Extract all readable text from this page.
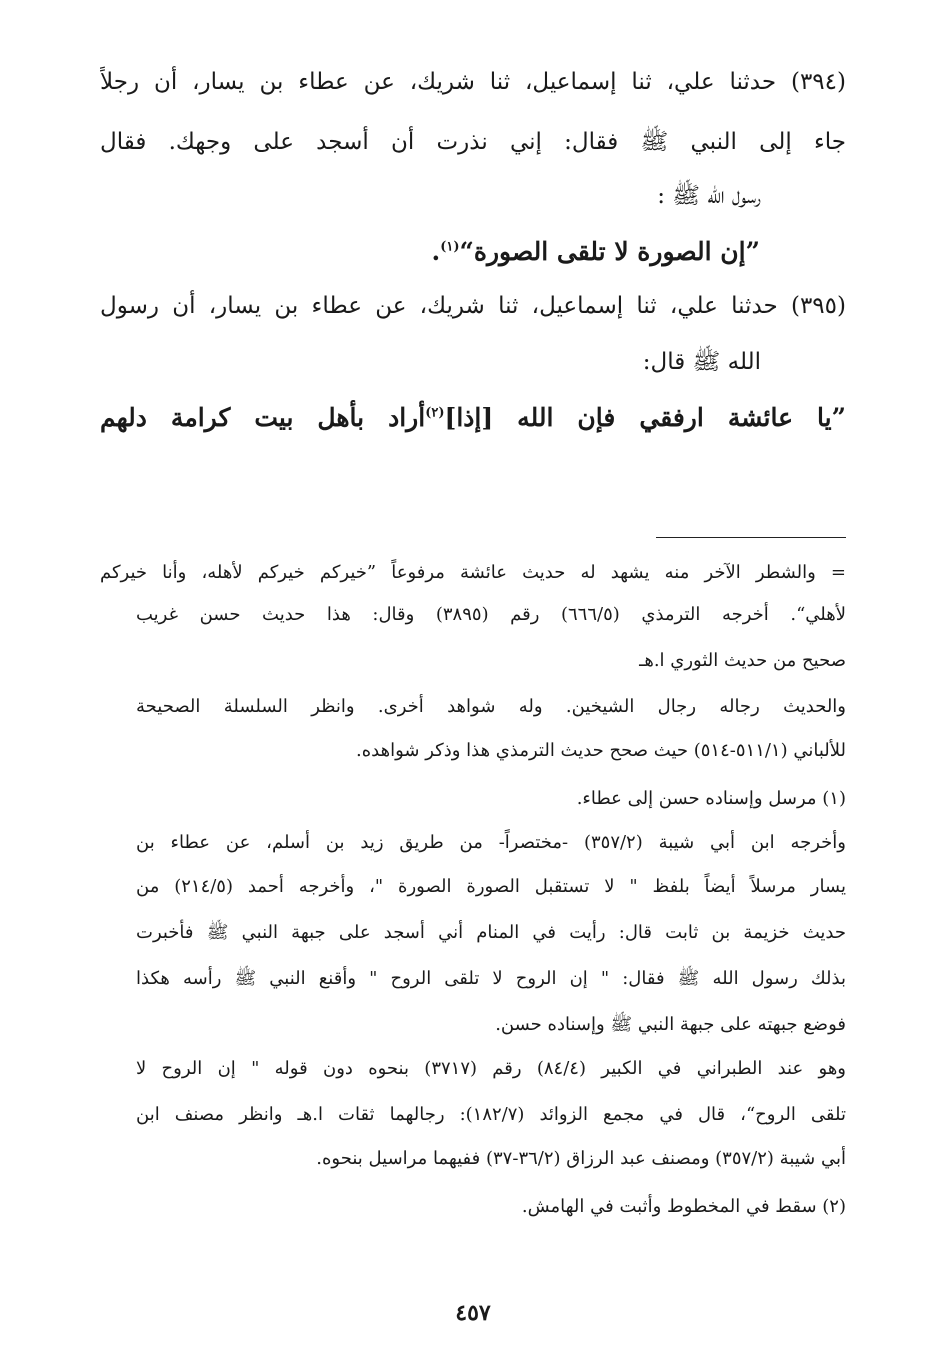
(٣٩٤) حدثنا علي، ثنا إسماعيل، ثنا شريك، عن عطاء بن يسار، أن رجلاً
جاء إلى النبي ﷺ فقال: إني نذرت أن أسجد على وجهك. فقال
رسول الله ﷺ :
”إن الصورة لا تلقى الصورة“$^{(١)}$.
(٣٩٥) حدثنا علي، ثنا إسماعيل، ثنا شريك، عن عطاء بن يسار، أن رسول
الله ﷺ قال:
”يا عائشة ارفقي فإن الله [إذا]$^{(٢)}$أراد بأهل بيت كرامة دلهم
= والشطر الآخر منه يشهد له حديث عائشة مرفوعاً ”خيركم خيركم لأهله، وأنا خيركم
لأهلي“. أخرجه الترمذي (٦٦٦/٥) رقم (٣٨٩٥) وقال: هذا حديث حسن غريب
صحيح من حديث الثوري ا.هـ
والحديث رجاله رجال الشيخين. وله شواهد أخرى. وانظر السلسلة الصحيحة
للألباني (٥١١/١-٥١٤) حيث صحح حديث الترمذي هذا وذكر شواهده.
(١) مرسل وإسناده حسن إلى عطاء.
وأخرجه ابن أبي شيبة (٣٥٧/٢) -مختصراً- من طريق زيد بن أسلم، عن عطاء بن
يسار مرسلاً أيضاً بلفظ " لا تستقبل الصورة الصورة "، وأخرجه أحمد (٢١٤/٥) من
حديث خزيمة بن ثابت قال: رأيت في المنام أني أسجد على جبهة النبي ﷺ فأخبرت
بذلك رسول الله ﷺ فقال: " إن الروح لا تلقى الروح " وأقنع النبي ﷺ رأسه هكذا
فوضع جبهته على جبهة النبي ﷺ وإسناده حسن.
وهو عند الطبراني في الكبير (٨٤/٤) رقم (٣٧١٧) بنحوه دون قوله " إن الروح لا
تلقى الروح“، قال في مجمع الزوائد (١٨٢/٧): رجالهما ثقات ا.هـ وانظر مصنف ابن
أبي شيبة (٣٥٧/٢) ومصنف عبد الرزاق (٣٦/٢-٣٧) ففيهما مراسيل بنحوه.
(٢) سقط في المخطوط وأثبت في الهامش.
٤٥٧
